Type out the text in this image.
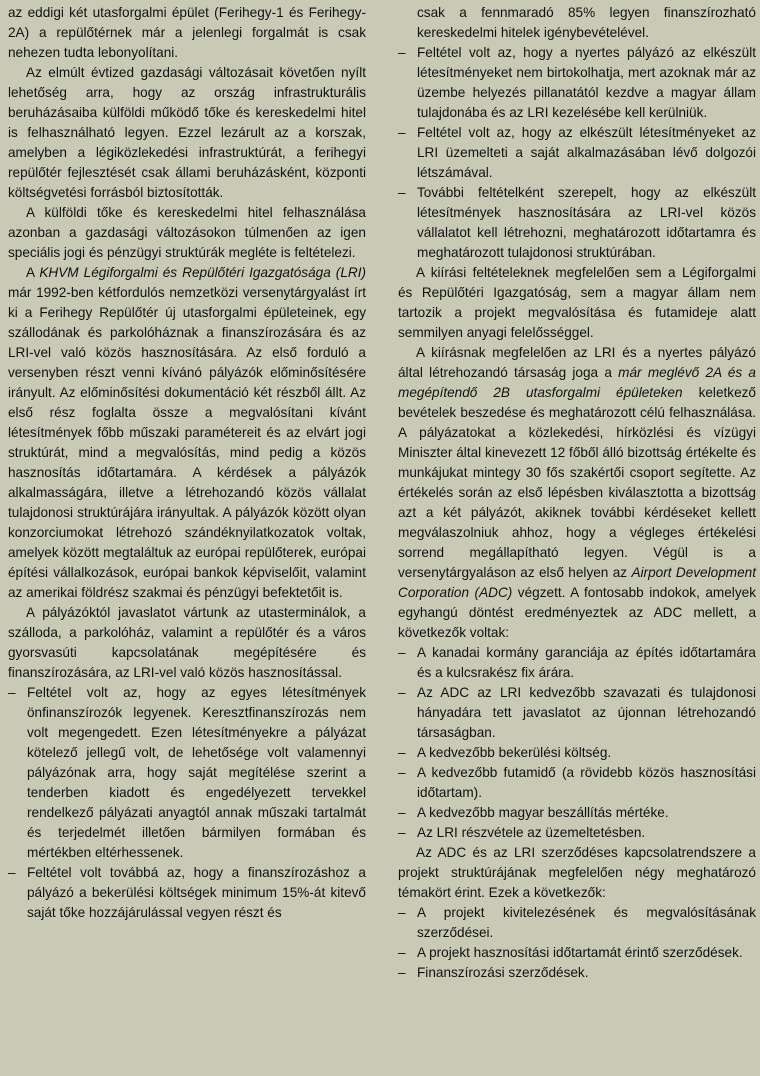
az eddigi két utasforgalmi épület (Ferihegy-1 és Ferihegy-2A) a repülőtérnek már a jelenlegi forgalmát is csak nehezen tudta lebonyolítani.
Az elmúlt évtized gazdasági változásait követően nyílt lehetőség arra, hogy az ország infrastrukturális beruházásaiba külföldi működő tőke és kereskedelmi hitel is felhasználható legyen. Ezzel lezárult az a korszak, amelyben a légiközlekedési infrastruktúrát, a ferihegyi repülőtér fejlesztését csak állami beruházásként, központi költségvetési forrásból biztosították.
A külföldi tőke és kereskedelmi hitel felhasználása azonban a gazdasági változásokon túlmenően az igen speciális jogi és pénzügyi struktúrák megléte is feltételezi.
A KHVM Légiforgalmi és Repülőtéri Igazgatósága (LRI) már 1992-ben kétfordulós nemzetközi versenytárgyalást írt ki a Ferihegy Repülőtér új utasforgalmi épületeinek, egy szállodának és parkolóháznak a finanszírozására és az LRI-vel való közös hasznosítására. Az első forduló a versenyben részt venni kívánó pályázók előminősítésére irányult. Az előminősítési dokumentáció két részből állt. Az első rész foglalta össze a megvalósítani kívánt létesítmények főbb műszaki paramétereit és az elvárt jogi struktúrát, mind a megvalósítás, mind pedig a közös hasznosítás időtartamára. A kérdések a pályázók alkalmasságára, illetve a létrehozandó közös vállalat tulajdonosi struktúrájára irányultak. A pályázók között olyan konzorciumokat létrehozó szándéknyilatkozatok voltak, amelyek között megtaláltuk az európai repülőterek, európai építési vállalkozások, európai bankok képviselőit, valamint az amerikai földrész szakmai és pénzügyi befektetőit is.
A pályázóktól javaslatot vártunk az utasterminálok, a szálloda, a parkolóház, valamint a repülőtér és a város gyorsvasúti kapcsolatának megépítésére és finanszírozására, az LRI-vel való közös hasznosítással.
– Feltétel volt az, hogy az egyes létesítmények önfinanszírozók legyenek. Keresztfinanszírozás nem volt megengedett. Ezen létesítményekre a pályázat kötelező jellegű volt, de lehetősége volt valamennyi pályázónak arra, hogy saját megítélése szerint a tenderben kiadott és engedélyezett tervekkel rendelkező pályázati anyagtól annak műszaki tartalmát és terjedelmét illetően bármilyen formában és mértékben eltérhessenek.
– Feltétel volt továbbá az, hogy a finanszírozáshoz a pályázó a bekerülési költségek minimum 15%-át kitevő saját tőke hozzájárulással vegyen részt és
csak a fennmaradó 85% legyen finanszírozható kereskedelmi hitelek igénybevételével.
– Feltétel volt az, hogy a nyertes pályázó az elkészült létesítményeket nem birtokolhatja, mert azoknak már az üzembe helyezés pillanatától kezdve a magyar állam tulajdonába és az LRI kezelésébe kell kerülniük.
– Feltétel volt az, hogy az elkészült létesítményeket az LRI üzemelteti a saját alkalmazásában lévő dolgozói létszámával.
– További feltételként szerepelt, hogy az elkészült létesítmények hasznosítására az LRI-vel közös vállalatot kell létrehozni, meghatározott időtartamra és meghatározott tulajdonosi struktúrában.
A kiírási feltételeknek megfelelően sem a Légiforgalmi és Repülőtéri Igazgatóság, sem a magyar állam nem tartozik a projekt megvalósítása és futamideje alatt semmilyen anyagi felelősséggel.
A kiírásnak megfelelően az LRI és a nyertes pályázó által létrehozandó társaság joga a már meglévő 2A és a megépítendő 2B utasforgalmi épületeken keletkező bevételek beszedése és meghatározott célú felhasználása. A pályázatokat a közlekedési, hírközlési és vízügyi Miniszter által kinevezett 12 főből álló bizottság értékelte és munkájukat mintegy 30 fős szakértői csoport segítette. Az értékelés során az első lépésben kiválasztotta a bizottság azt a két pályázót, akiknek további kérdéseket kellett megválaszolniuk ahhoz, hogy a végleges értékelési sorrend megállapítható legyen. Végül is a versenytárgyaláson az első helyen az Airport Development Corporation (ADC) végzett. A fontosabb indokok, amelyek egyhangú döntést eredményeztek az ADC mellett, a következők voltak:
– A kanadai kormány garanciája az építés időtartamára és a kulcsrakész fix árára.
– Az ADC az LRI kedvezőbb szavazati és tulajdonosi hányadára tett javaslatot az újonnan létrehozandó társaságban.
– A kedvezőbb bekerülési költség.
– A kedvezőbb futamidő (a rövidebb közös hasznosítási időtartam).
– A kedvezőbb magyar beszállítás mértéke.
– Az LRI részvétele az üzemeltetésben.
Az ADC és az LRI szerződéses kapcsolatrendszere a projekt struktúrájának megfelelően négy meghatározó témakört érint. Ezek a következők:
– A projekt kivitelezésének és megvalósításának szerződései.
– A projekt hasznosítási időtartamát érintő szerződések.
– Finanszírozási szerződések.
